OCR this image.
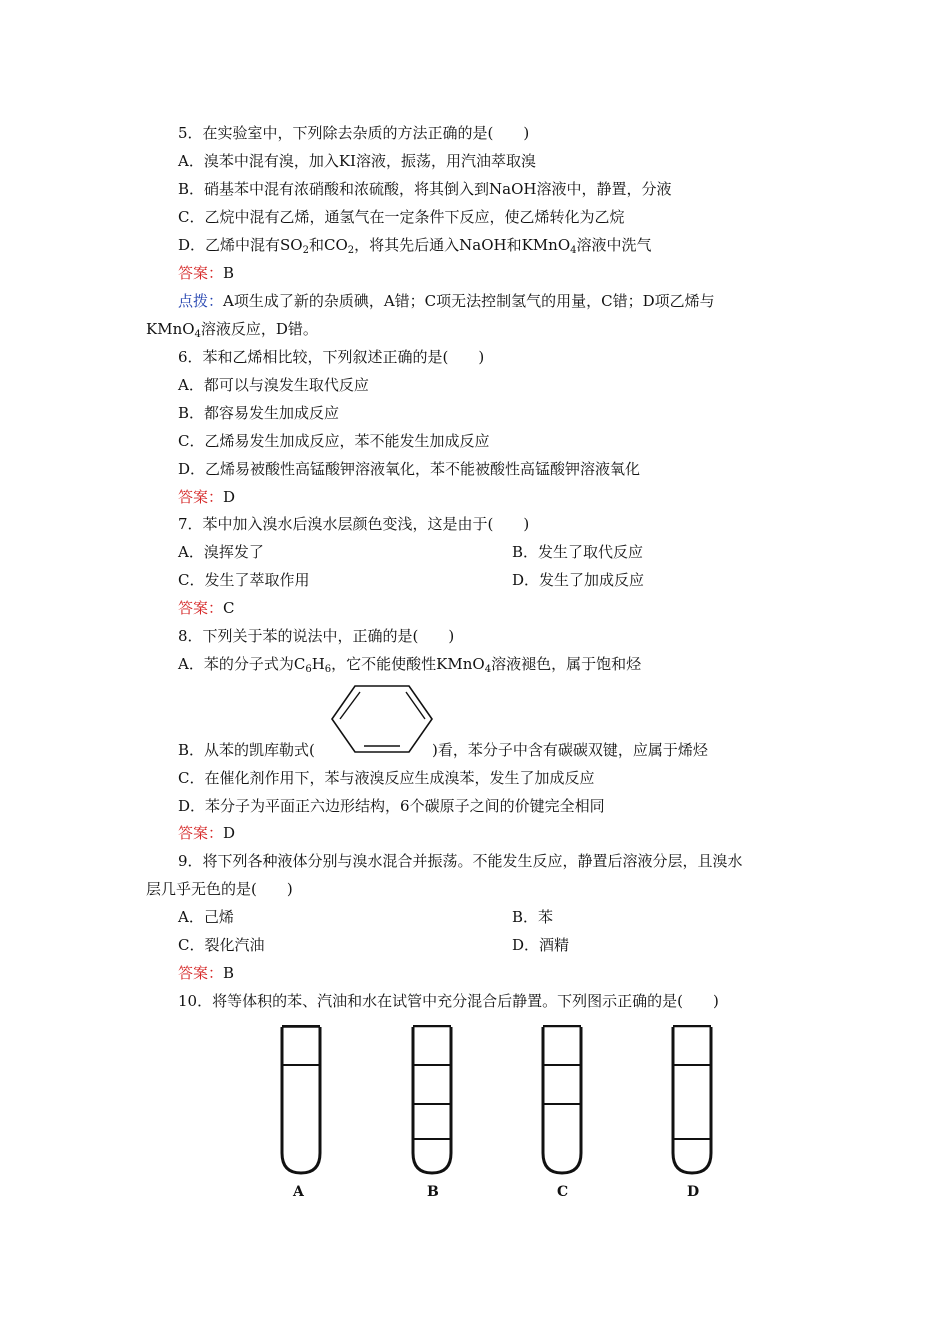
5．在实验室中，下列除去杂质的方法正确的是(　　)
A．溴苯中混有溴，加入KI溶液，振荡，用汽油萃取溴
B．硝基苯中混有浓硝酸和浓硫酸，将其倒入到NaOH溶液中，静置，分液
C．乙烷中混有乙烯，通氢气在一定条件下反应，使乙烯转化为乙烷
D．乙烯中混有$SO_2$和$CO_2$，将其先后通入NaOH和KMnO$_4$溶液中洗气
答案：B
点拨：A项生成了新的杂质碘，A错；C项无法控制氢气的用量，C错；D项乙烯与
KMnO$_4$溶液反应，D错。
6．苯和乙烯相比较，下列叙述正确的是(　　)
A．都可以与溴发生取代反应
B．都容易发生加成反应
C．乙烯易发生加成反应，苯不能发生加成反应
D．乙烯易被酸性高锰酸钾溶液氧化，苯不能被酸性高锰酸钾溶液氧化
答案：D
7．苯中加入溴水后溴水层颜色变浅，这是由于(　　)
A．溴挥发了	B．发生了取代反应
C．发生了萃取作用	D．发生了加成反应
答案：C
8．下列关于苯的说法中，正确的是(　　)
A．苯的分子式为$C_6H_6$，它不能使酸性KMnO$_4$溶液褪色，属于饱和烃
B．从苯的凯库勒式(	)看，苯分子中含有碳碳双键，应属于烯烃
C．在催化剂作用下，苯与液溴反应生成溴苯，发生了加成反应
D．苯分子为平面正六边形结构，6个碳原子之间的价键完全相同
答案：D
9．将下列各种液体分别与溴水混合并振荡。不能发生反应，静置后溶液分层，且溴水
层几乎无色的是(　　)
A．己烯	B．苯
C．裂化汽油	D．酒精
答案：B
10．将等体积的苯、汽油和水在试管中充分混合后静置。下列图示正确的是(　　)
A	B	C	D
